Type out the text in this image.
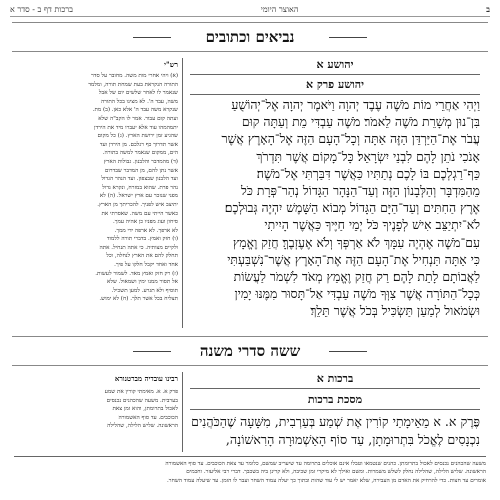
ב
האוצר היומי
ברכות דף ב - סדר א
נביאים וכתובים
יהושע א
יהושע פרק א
וַיְהִי אַחֲרֵי מוֹת מֹשֶׁה עֶבֶד יְהוָה וַיֹּאמֶר יְהוָה אֶל־יְהוֹשֻׁעַ
בִּן־נוּן מְשָׁרֵת מֹשֶׁה לֵאמֹר׃ מֹשֶׁה עַבְדִּי מֵת וְעַתָּה קוּם
עֲבֹר אֶת־הַיַּרְדֵּן הַזֶּה אַתָּה וְכָל־הָעָם הַזֶּה אֶל־הָאָרֶץ אֲשֶׁר
אָנֹכִי נֹתֵן לָהֶם לִבְנֵי יִשְׂרָאֵל׃ כָּל־מָקוֹם אֲשֶׁר תִּדְרֹךְ
כַּף־רַגְלְכֶם בּוֹ לָכֶם נְתַתִּיו כַּאֲשֶׁר דִּבַּרְתִּי אֶל־מֹשֶׁה׃
מֵהַמִּדְבָּר וְהַלְּבָנוֹן הַזֶּה וְעַד־הַנָּהָר הַגָּדוֹל נְהַר־פְּרָת כֹּל
אֶרֶץ הַחִתִּים וְעַד־הַיָּם הַגָּדוֹל מְבוֹא הַשָּׁמֶשׁ יִהְיֶה גְּבוּלְכֶם׃
לֹא־יִתְיַצֵּב אִישׁ לְפָנֶיךָ כֹּל יְמֵי חַיֶּיךָ כַּאֲשֶׁר הָיִיתִי
עִם־מֹשֶׁה אֶהְיֶה עִמָּךְ לֹא אַרְפְּךָ וְלֹא אֶעֶזְבֶךָּ׃ חֲזַק וֶאֱמָץ
כִּי אַתָּה תַּנְחִיל אֶת־הָעָם הַזֶּה אֶת־הָאָרֶץ אֲשֶׁר־נִשְׁבַּעְתִּי
לַאֲבוֹתָם לָתֵת לָהֶם׃ רַק חֲזַק וֶאֱמַץ מְאֹד לִשְׁמֹר לַעֲשׂוֹת
כְּכָל־הַתּוֹרָה אֲשֶׁר צִוְּךָ מֹשֶׁה עַבְדִּי אַל־תָּסוּר מִמֶּנּוּ יָמִין
וּשְׂמֹאול לְמַעַן תַּשְׂכִּיל בְּכֹל אֲשֶׁר תֵּלֵךְ׃
רש"י
(א) ויהי אחרי מות משה. מחובר על סדר
התורה הנקראת בעת שמחת תורה, ומלמד
שנאמר לו לאחר שלשים יום של אבל
משה, עבד ה'. לא מצינו בכל התורה
שנקרא משה עבד ה' אלא כאן. (ב) מת.
ועתה קום עבור. אמר לו הקב"ה שלא
יתמהמהו עוד אלא יעברו מיד את הירדן
שהגיע זמן ירושת הארץ. (ג) כל מקום
אשר תדרוך כף רגלכם. מן הירדן ועד
הים, ממקום שנאמר למשה בתורה.
(ד) מהמדבר והלבנון. גבולות הארץ
אשר נתן להם, מן המדבר שבדרום
ועד הלבנון שבצפון. ועד הנהר הגדול
נהר פרת. שהוא במזרח, ונקרא גדול
מפני שנזכר עם ארץ ישראל. (ה) לא
יתיצב איש לפניך. להכריתך מן הארץ.
כאשר הייתי עם משה. שאסרתי את
סיחון ועוג מפניו כן אהיה עמך.
לא ארפך. לא ארפה ידי ממך.
(ו) חזק ואמץ. בדברי תורה ללמוד
ולקיים מצותיה. כי אתה תנחיל. אתה
תחלק להם את הארץ לנחלה, וכל
אחד ואחד יקבל חלקו על פיך.
(ז) רק חזק ואמץ מאד. לשמור לעשות.
אל תסור ממנו ימין ושמאול. שלא
תוסיף ולא תגרע. למען תשכיל.
תצליח בכל אשר תלך. (ח) לא ימוש.
ששה סדרי משנה
ברכות א
מסכת ברכות
פֶּרֶק א. א מֵאֵימָתַי קוֹרִין אֶת שְׁמַע בְּעַרְבִית, מִשָּׁעָה שֶׁהַכֹּהֲנִים
נִכְנָסִים לֶאֱכֹל בִּתְרוּמָתָן, עַד סוֹף הָאַשְׁמוּרָה הָרִאשׁוֹנָה,
רבינו עובדיה מברטנורא
פרק א. א. מאימתי קורין את שמע
בערבית. משעה שהכהנים נכנסים
לאכול בתרומתן, והוא זמן צאת
הכוכבים. עד סוף האשמורה
הראשונה. שליש הלילה, שהלילה
משעה שהכהנים נכנסים לאכול בתרומתן. כהנים שנטמאו וטבלו אינם אוכלים בתרומה עד שיעריב שמשם, כלומר עד צאת הכוכבים. עד סוף האשמורה
הראשונה. שליש הלילה, שהלילה נחלק לשלש משמרות. ומשם ואילך לא מיקרי זמן שכיבה, ולא קרינן ביה בשכבך. דברי רבי אליעזר. וחכמים
אומרים עד חצות. כדי להרחיק את האדם מן העבירה, שלא יאמר יש לי עוד שהות ובתוך כך יעלה עמוד השחר ועבר לו הזמן. עד שיעלה עמוד השחר.
